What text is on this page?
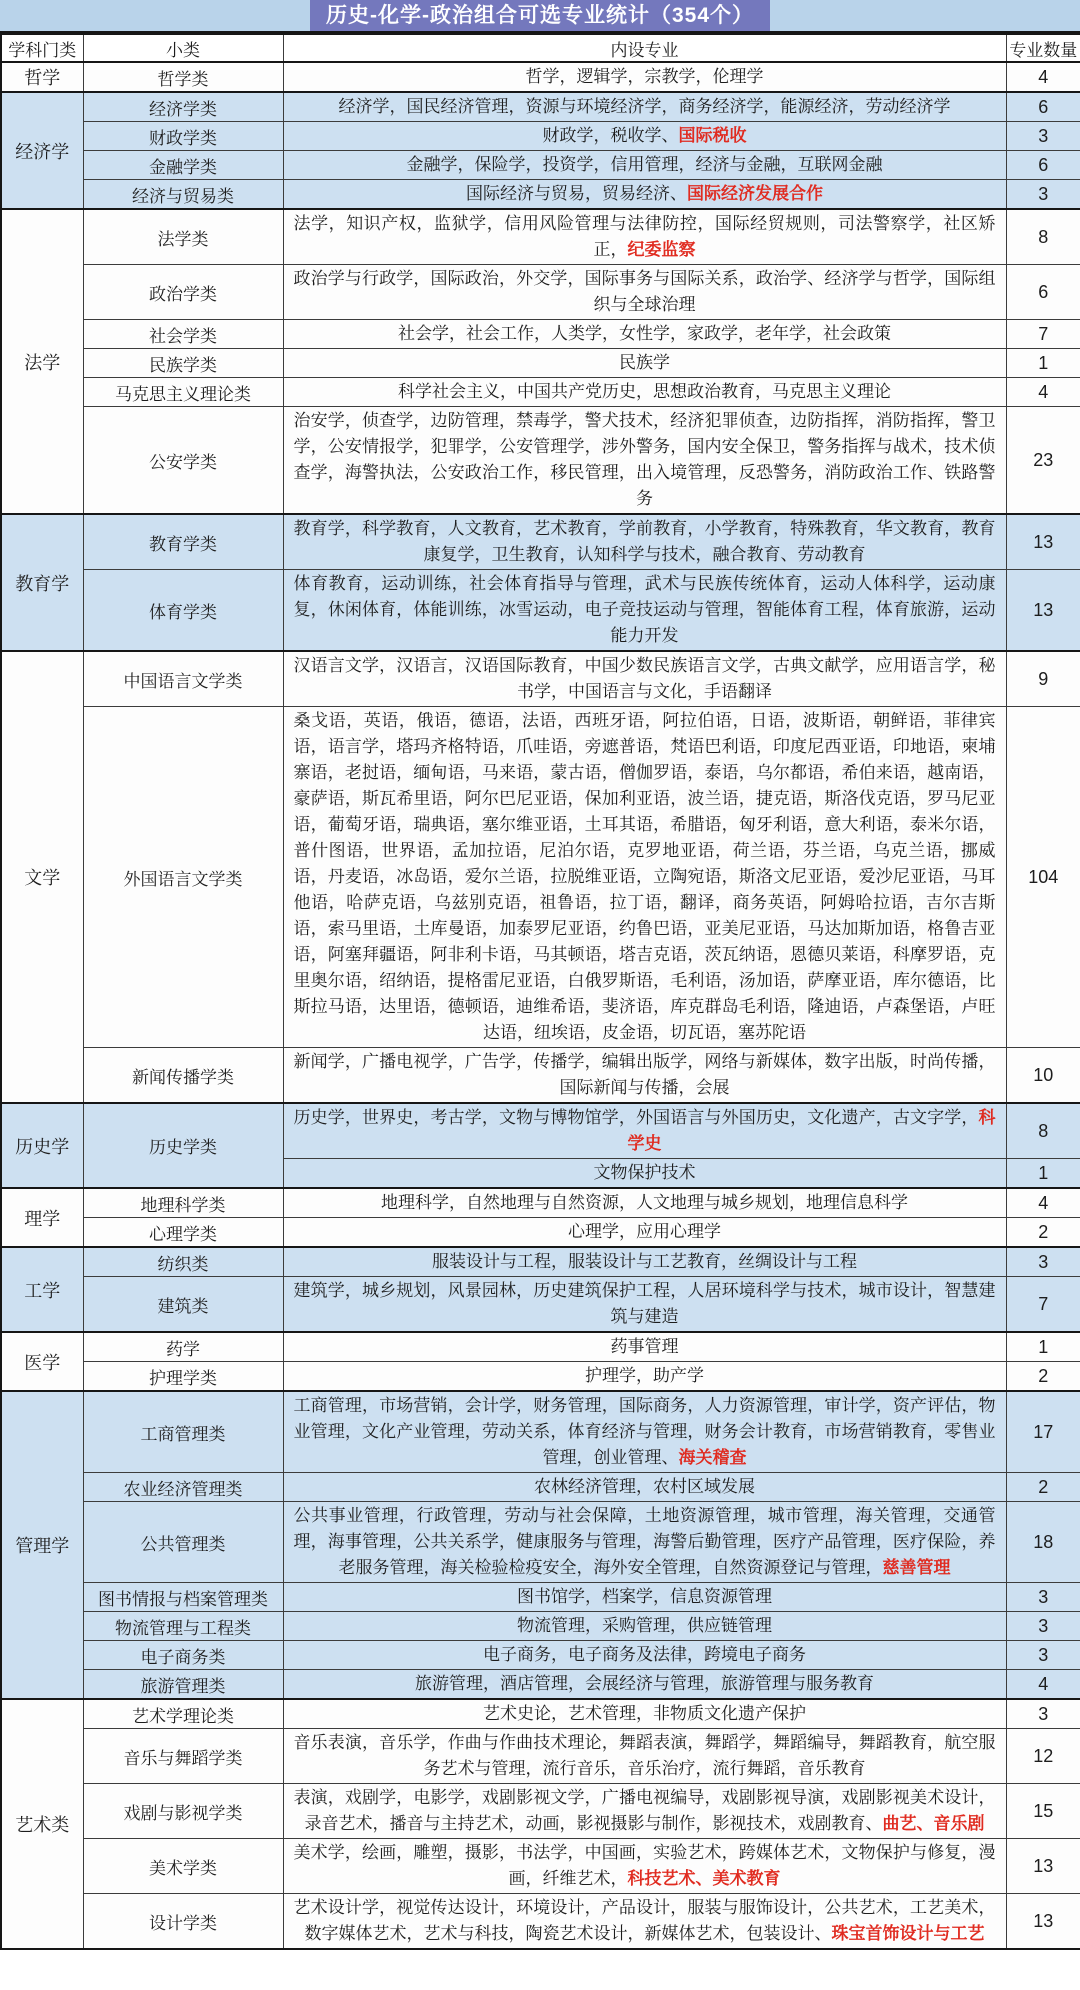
历史-化学-政治组合可选专业统计（354个）
学科门类	小类	内设专业	专业数量
哲学	哲学类	哲学，逻辑学，宗教学，伦理学	4
经济学	经济学类	经济学，国民经济管理，资源与环境经济学，商务经济学，能源经济，劳动经济学	6
	财政学类	财政学，税收学、国际税收	3
	金融学类	金融学，保险学，投资学，信用管理，经济与金融，互联网金融	6
	经济与贸易类	国际经济与贸易，贸易经济、国际经济发展合作	3
法学	法学类	法学，知识产权，监狱学，信用风险管理与法律防控，国际经贸规则，司法警察学，社区矫正，纪委监察	8
	政治学类	政治学与行政学，国际政治，外交学，国际事务与国际关系，政治学、经济学与哲学，国际组织与全球治理	6
	社会学类	社会学，社会工作，人类学，女性学，家政学，老年学，社会政策	7
	民族学类	民族学	1
	马克思主义理论类	科学社会主义，中国共产党历史，思想政治教育，马克思主义理论	4
	公安学类	治安学，侦查学，边防管理，禁毒学，警犬技术，经济犯罪侦查，边防指挥，消防指挥，警卫学，公安情报学，犯罪学，公安管理学，涉外警务，国内安全保卫，警务指挥与战术，技术侦查学，海警执法，公安政治工作，移民管理，出入境管理，反恐警务，消防政治工作、铁路警务	23
教育学	教育学类	教育学，科学教育，人文教育，艺术教育，学前教育，小学教育，特殊教育，华文教育，教育康复学，卫生教育，认知科学与技术，融合教育、劳动教育	13
	体育学类	体育教育，运动训练，社会体育指导与管理，武术与民族传统体育，运动人体科学，运动康复，休闲体育，体能训练，冰雪运动，电子竞技运动与管理，智能体育工程，体育旅游，运动能力开发	13
文学	中国语言文学类	汉语言文学，汉语言，汉语国际教育，中国少数民族语言文学，古典文献学，应用语言学，秘书学，中国语言与文化，手语翻译	9
	外国语言文学类	桑戈语，英语，俄语，德语，法语，西班牙语，阿拉伯语，日语，波斯语，朝鲜语，菲律宾语，语言学，塔玛齐格特语，爪哇语，旁遮普语，梵语巴利语，印度尼西亚语，印地语，柬埔寨语，老挝语，缅甸语，马来语，蒙古语，僧伽罗语，泰语，乌尔都语，希伯来语，越南语，豪萨语，斯瓦希里语，阿尔巴尼亚语，保加利亚语，波兰语，捷克语，斯洛伐克语，罗马尼亚语，葡萄牙语，瑞典语，塞尔维亚语，土耳其语，希腊语，匈牙利语，意大利语，泰米尔语，普什图语，世界语，孟加拉语，尼泊尔语，克罗地亚语，荷兰语，芬兰语，乌克兰语，挪威语，丹麦语，冰岛语，爱尔兰语，拉脱维亚语，立陶宛语，斯洛文尼亚语，爱沙尼亚语，马耳他语，哈萨克语，乌兹别克语，祖鲁语，拉丁语，翻译，商务英语，阿姆哈拉语，吉尔吉斯语，索马里语，土库曼语，加泰罗尼亚语，约鲁巴语，亚美尼亚语，马达加斯加语，格鲁吉亚语，阿塞拜疆语，阿非利卡语，马其顿语，塔吉克语，茨瓦纳语，恩德贝莱语，科摩罗语，克里奥尔语，绍纳语，提格雷尼亚语，白俄罗斯语，毛利语，汤加语，萨摩亚语，库尔德语，比斯拉马语，达里语，德顿语，迪维希语，斐济语，库克群岛毛利语，隆迪语，卢森堡语，卢旺达语，纽埃语，皮金语，切瓦语，塞苏陀语	104
	新闻传播学类	新闻学，广播电视学，广告学，传播学，编辑出版学，网络与新媒体，数字出版，时尚传播，国际新闻与传播，会展	10
历史学	历史学类	历史学，世界史，考古学，文物与博物馆学，外国语言与外国历史，文化遗产，古文字学，科学史	8
		文物保护技术	1
理学	地理科学类	地理科学，自然地理与自然资源，人文地理与城乡规划，地理信息科学	4
	心理学类	心理学，应用心理学	2
工学	纺织类	服装设计与工程，服装设计与工艺教育，丝绸设计与工程	3
	建筑类	建筑学，城乡规划，风景园林，历史建筑保护工程，人居环境科学与技术，城市设计，智慧建筑与建造	7
医学	药学	药事管理	1
	护理学类	护理学，助产学	2
管理学	工商管理类	工商管理，市场营销，会计学，财务管理，国际商务，人力资源管理，审计学，资产评估，物业管理，文化产业管理，劳动关系，体育经济与管理，财务会计教育，市场营销教育，零售业管理，创业管理、海关稽查	17
	农业经济管理类	农林经济管理，农村区域发展	2
	公共管理类	公共事业管理，行政管理，劳动与社会保障，土地资源管理，城市管理，海关管理，交通管理，海事管理，公共关系学，健康服务与管理，海警后勤管理，医疗产品管理，医疗保险，养老服务管理，海关检验检疫安全，海外安全管理，自然资源登记与管理，慈善管理	18
	图书情报与档案管理类	图书馆学，档案学，信息资源管理	3
	物流管理与工程类	物流管理，采购管理，供应链管理	3
	电子商务类	电子商务，电子商务及法律，跨境电子商务	3
	旅游管理类	旅游管理，酒店管理，会展经济与管理，旅游管理与服务教育	4
艺术类	艺术学理论类	艺术史论，艺术管理，非物质文化遗产保护	3
	音乐与舞蹈学类	音乐表演，音乐学，作曲与作曲技术理论，舞蹈表演，舞蹈学，舞蹈编导，舞蹈教育，航空服务艺术与管理，流行音乐，音乐治疗，流行舞蹈，音乐教育	12
	戏剧与影视学类	表演，戏剧学，电影学，戏剧影视文学，广播电视编导，戏剧影视导演，戏剧影视美术设计，录音艺术，播音与主持艺术，动画，影视摄影与制作，影视技术，戏剧教育、曲艺、音乐剧	15
	美术学类	美术学，绘画，雕塑，摄影，书法学，中国画，实验艺术，跨媒体艺术，文物保护与修复，漫画，纤维艺术，科技艺术、美术教育	13
	设计学类	艺术设计学，视觉传达设计，环境设计，产品设计，服装与服饰设计，公共艺术，工艺美术，数字媒体艺术，艺术与科技，陶瓷艺术设计，新媒体艺术，包装设计、珠宝首饰设计与工艺	13
